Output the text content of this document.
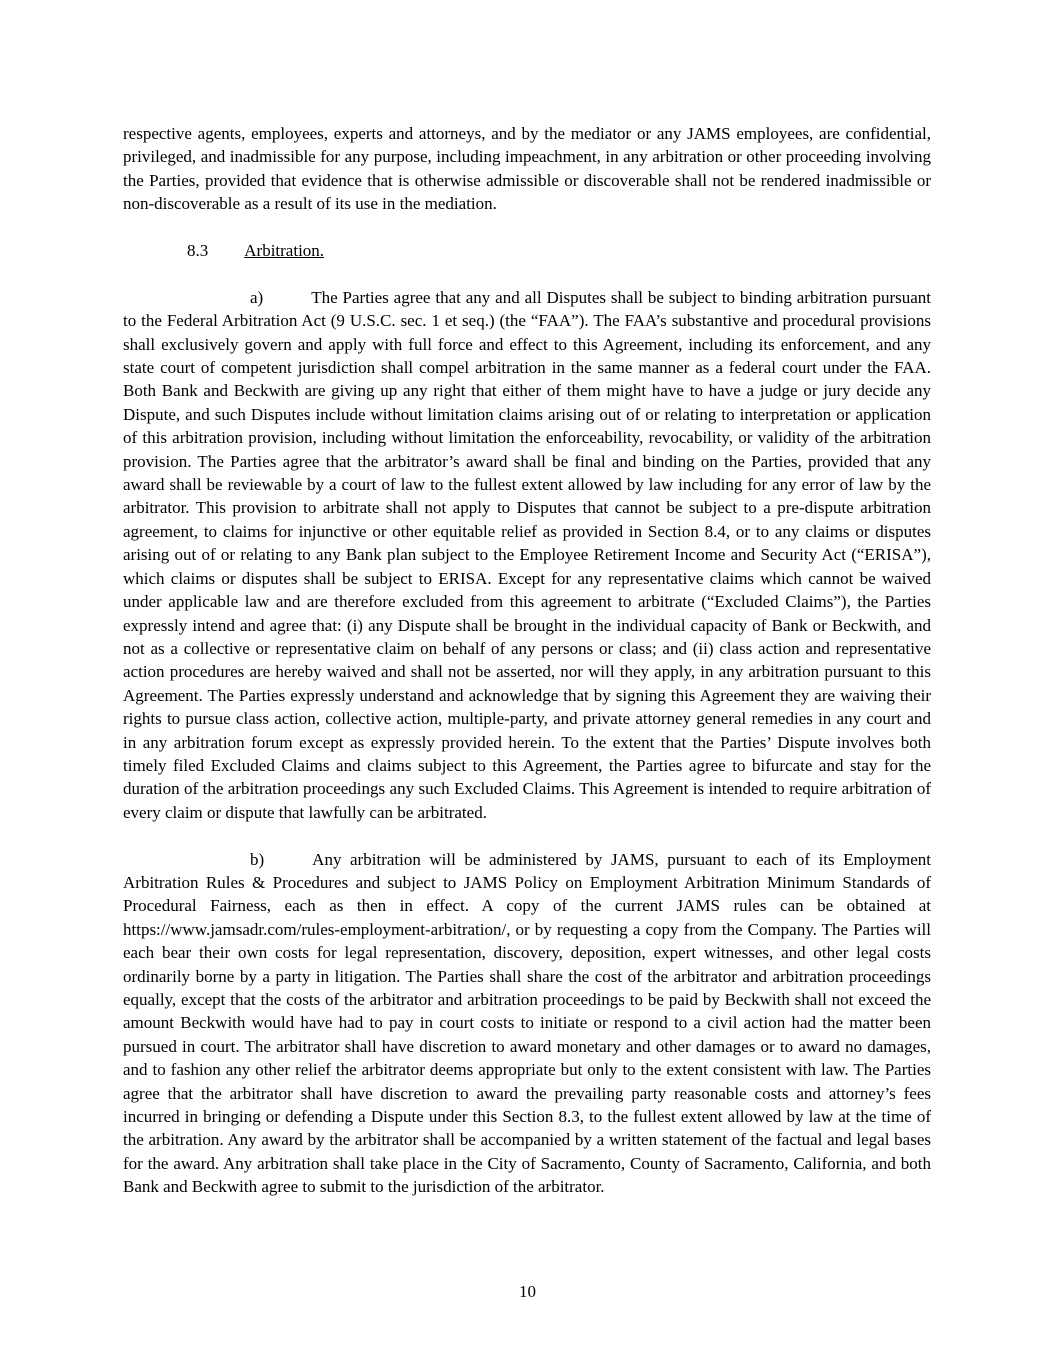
respective agents, employees, experts and attorneys, and by the mediator or any JAMS employees, are confidential, privileged, and inadmissible for any purpose, including impeachment, in any arbitration or other proceeding involving the Parties, provided that evidence that is otherwise admissible or discoverable shall not be rendered inadmissible or non-discoverable as a result of its use in the mediation.

8.3 Arbitration.

a)	The Parties agree that any and all Disputes shall be subject to binding arbitration pursuant to the Federal Arbitration Act (9 U.S.C. sec. 1 et seq.) (the “FAA”). The FAA’s substantive and procedural provisions shall exclusively govern and apply with full force and effect to this Agreement, including its enforcement, and any state court of competent jurisdiction shall compel arbitration in the same manner as a federal court under the FAA. Both Bank and Beckwith are giving up any right that either of them might have to have a judge or jury decide any Dispute, and such Disputes include without limitation claims arising out of or relating to interpretation or application of this arbitration provision, including without limitation the enforceability, revocability, or validity of the arbitration provision. The Parties agree that the arbitrator’s award shall be final and binding on the Parties, provided that any award shall be reviewable by a court of law to the fullest extent allowed by law including for any error of law by the arbitrator. This provision to arbitrate shall not apply to Disputes that cannot be subject to a pre-dispute arbitration agreement, to claims for injunctive or other equitable relief as provided in Section 8.4, or to any claims or disputes arising out of or relating to any Bank plan subject to the Employee Retirement Income and Security Act (“ERISA”), which claims or disputes shall be subject to ERISA. Except for any representative claims which cannot be waived under applicable law and are therefore excluded from this agreement to arbitrate (“Excluded Claims”), the Parties expressly intend and agree that: (i) any Dispute shall be brought in the individual capacity of Bank or Beckwith, and not as a collective or representative claim on behalf of any persons or class; and (ii) class action and representative action procedures are hereby waived and shall not be asserted, nor will they apply, in any arbitration pursuant to this Agreement. The Parties expressly understand and acknowledge that by signing this Agreement they are waiving their rights to pursue class action, collective action, multiple-party, and private attorney general remedies in any court and in any arbitration forum except as expressly provided herein. To the extent that the Parties’ Dispute involves both timely filed Excluded Claims and claims subject to this Agreement, the Parties agree to bifurcate and stay for the duration of the arbitration proceedings any such Excluded Claims. This Agreement is intended to require arbitration of every claim or dispute that lawfully can be arbitrated.

b)	Any arbitration will be administered by JAMS, pursuant to each of its Employment Arbitration Rules & Procedures and subject to JAMS Policy on Employment Arbitration Minimum Standards of Procedural Fairness, each as then in effect. A copy of the current JAMS rules can be obtained at https://www.jamsadr.com/rules-employment-arbitration/, or by requesting a copy from the Company. The Parties will each bear their own costs for legal representation, discovery, deposition, expert witnesses, and other legal costs ordinarily borne by a party in litigation. The Parties shall share the cost of the arbitrator and arbitration proceedings equally, except that the costs of the arbitrator and arbitration proceedings to be paid by Beckwith shall not exceed the amount Beckwith would have had to pay in court costs to initiate or respond to a civil action had the matter been pursued in court. The arbitrator shall have discretion to award monetary and other damages or to award no damages, and to fashion any other relief the arbitrator deems appropriate but only to the extent consistent with law. The Parties agree that the arbitrator shall have discretion to award the prevailing party reasonable costs and attorney’s fees incurred in bringing or defending a Dispute under this Section 8.3, to the fullest extent allowed by law at the time of the arbitration. Any award by the arbitrator shall be accompanied by a written statement of the factual and legal bases for the award. Any arbitration shall take place in the City of Sacramento, County of Sacramento, California, and both Bank and Beckwith agree to submit to the jurisdiction of the arbitrator.

10
